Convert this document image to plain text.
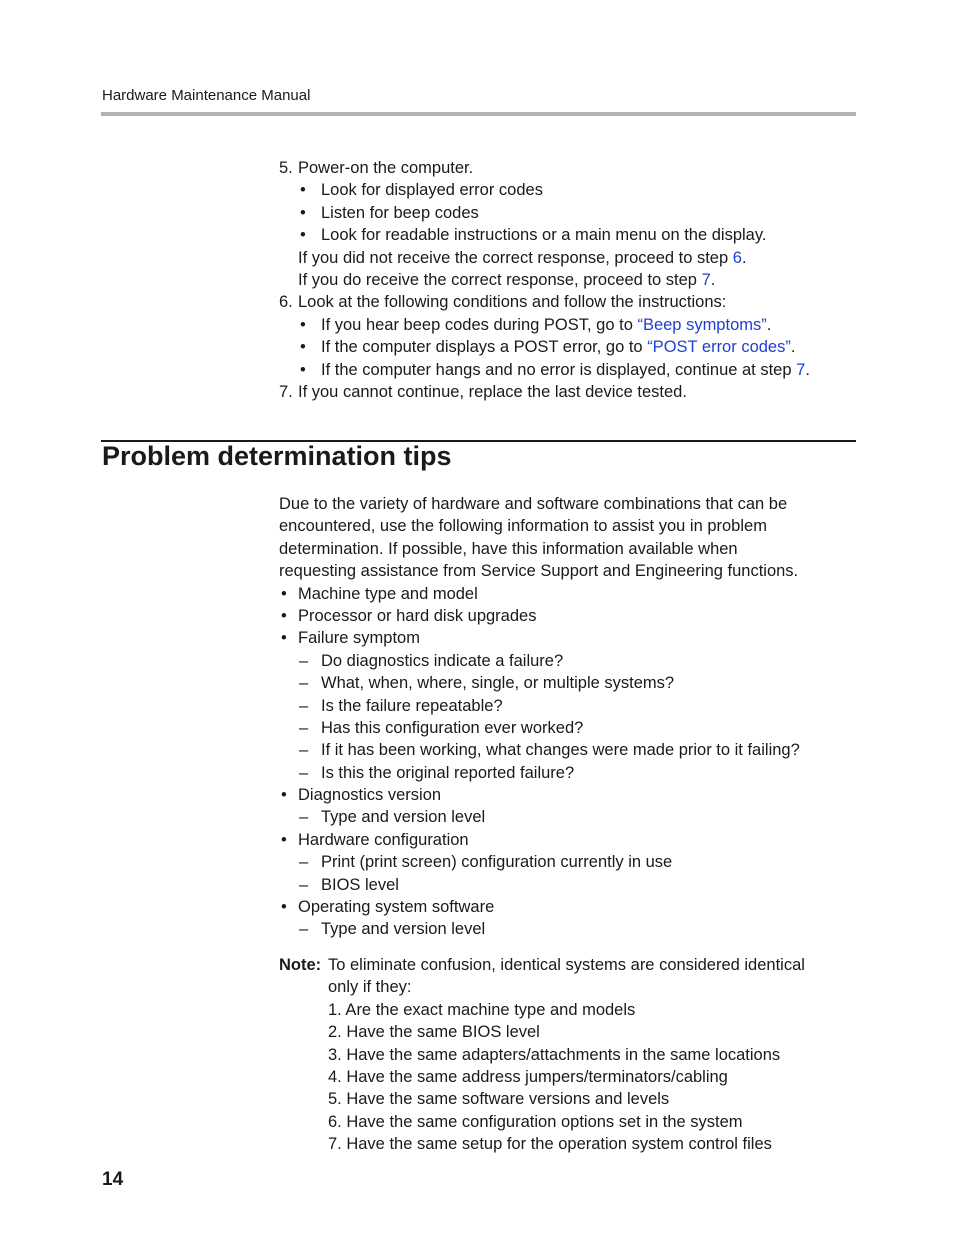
Hardware Maintenance Manual
5. Power-on the computer.
• Look for displayed error codes
• Listen for beep codes
• Look for readable instructions or a main menu on the display.
If you did not receive the correct response, proceed to step 6.
If you do receive the correct response, proceed to step 7.
6. Look at the following conditions and follow the instructions:
• If you hear beep codes during POST, go to “Beep symptoms”.
• If the computer displays a POST error, go to “POST error codes”.
• If the computer hangs and no error is displayed, continue at step 7.
7. If you cannot continue, replace the last device tested.
Problem determination tips
Due to the variety of hardware and software combinations that can be
encountered, use the following information to assist you in problem
determination. If possible, have this information available when
requesting assistance from Service Support and Engineering functions.
• Machine type and model
• Processor or hard disk upgrades
• Failure symptom
– Do diagnostics indicate a failure?
– What, when, where, single, or multiple systems?
– Is the failure repeatable?
– Has this configuration ever worked?
– If it has been working, what changes were made prior to it failing?
– Is this the original reported failure?
• Diagnostics version
– Type and version level
• Hardware configuration
– Print (print screen) configuration currently in use
– BIOS level
• Operating system software
– Type and version level
Note: To eliminate confusion, identical systems are considered identical
only if they:
1. Are the exact machine type and models
2. Have the same BIOS level
3. Have the same adapters/attachments in the same locations
4. Have the same address jumpers/terminators/cabling
5. Have the same software versions and levels
6. Have the same configuration options set in the system
7. Have the same setup for the operation system control files
14
